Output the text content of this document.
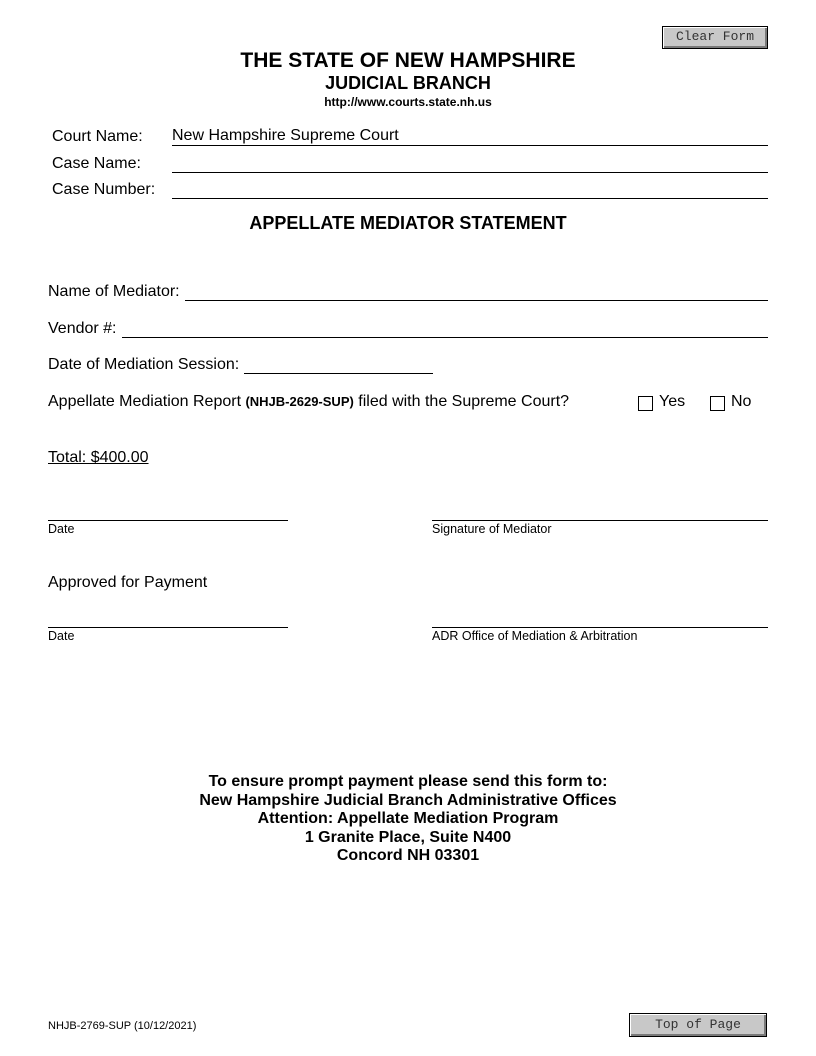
Clear Form
THE STATE OF NEW HAMPSHIRE
JUDICIAL BRANCH
http://www.courts.state.nh.us
Court Name: New Hampshire Supreme Court
Case Name:
Case Number:
APPELLATE MEDIATOR STATEMENT
Name of Mediator:
Vendor #:
Date of Mediation Session:
Appellate Mediation Report (NHJB-2629-SUP) filed with the Supreme Court?	Yes	No
Total: $400.00
Date	Signature of Mediator
Approved for Payment
Date	ADR Office of Mediation & Arbitration
To ensure prompt payment please send this form to:
New Hampshire Judicial Branch Administrative Offices
Attention: Appellate Mediation Program
1 Granite Place, Suite N400
Concord NH 03301
NHJB-2769-SUP (10/12/2021)	Top of Page
